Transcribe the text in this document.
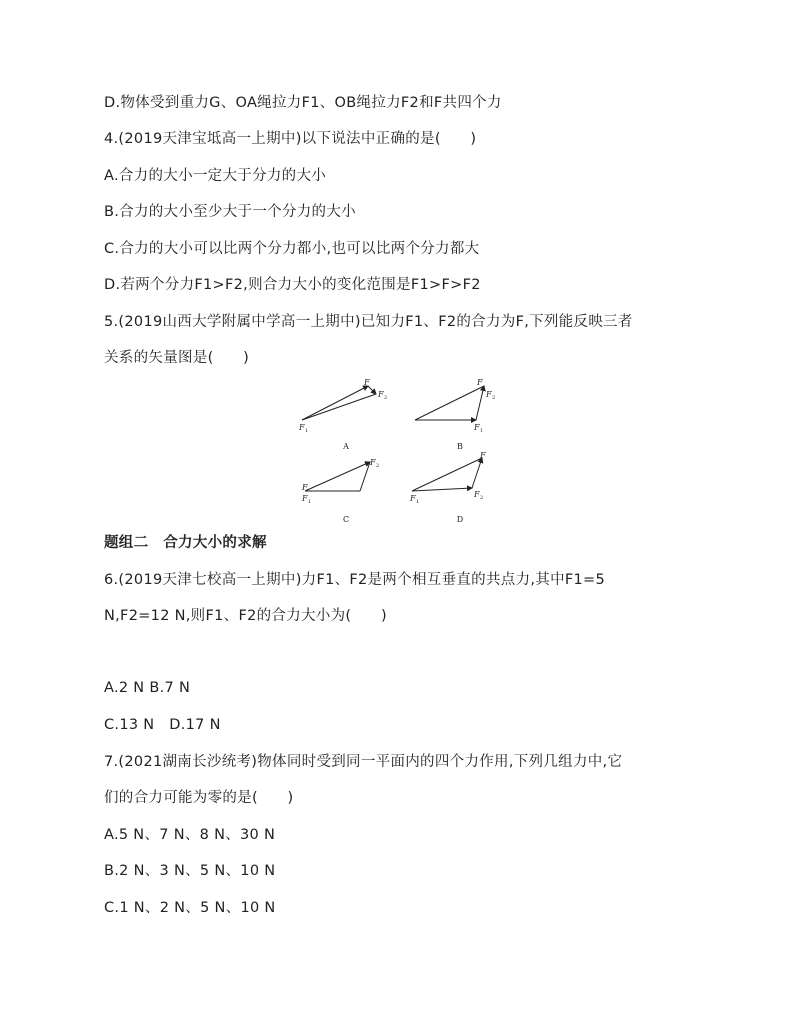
D.物体受到重力G、OA绳拉力F1、OB绳拉力F2和F共四个力
4.(2019天津宝坻高一上期中)以下说法中正确的是(　　)
A.合力的大小一定大于分力的大小
B.合力的大小至少大于一个分力的大小
C.合力的大小可以比两个分力都小,也可以比两个分力都大
D.若两个分力F1>F2,则合力大小的变化范围是F1>F>F2
5.(2019山西大学附属中学高一上期中)已知力F1、F2的合力为F,下列能反映三者
关系的矢量图是(　　)
F
F 2
F 1
F
F 2
F 1
F 2
F
F 1
F
F 2
F 1
A	B
C	D
题组二　合力大小的求解
6.(2019天津七校高一上期中)力F1、F2是两个相互垂直的共点力,其中F1=5
N,F2=12 N,则F1、F2的合力大小为(　　)
A.2 N B.7 N
C.13 N　D.17 N
7.(2021湖南长沙统考)物体同时受到同一平面内的四个力作用,下列几组力中,它
们的合力可能为零的是(　　)
A.5 N、7 N、8 N、30 N
B.2 N、3 N、5 N、10 N
C.1 N、2 N、5 N、10 N
